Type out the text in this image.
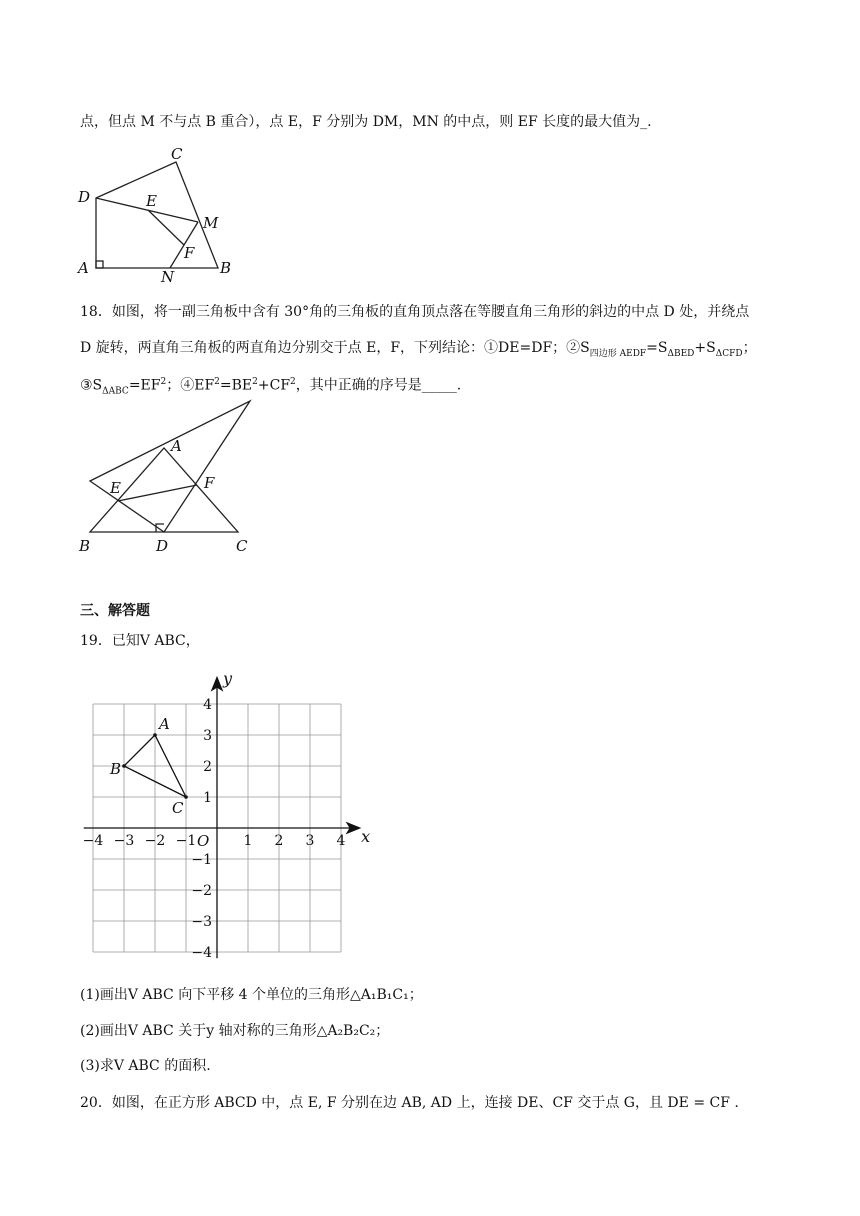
点，但点 M 不与点 B 重合），点 E，F 分别为 DM，MN 的中点，则 EF 长度的最大值为_.
C
D	E
M
F
A	N	B
18．如图，将一副三角板中含有 30°角的三角板的直角顶点落在等腰直角三角形的斜边的中点 D 处，并绕点
D 旋转，两直角三角板的两直角边分别交于点 E，F，下列结论：①DE=DF；$②S_{四边形 AEDF}=S_{\Delta BED}+S_{\Delta CFD}$；
$③S_{\Delta ABC}=EF^2$；$④EF^2=BE^2+CF^2$，其中正确的序号是_____.
A
E	F
B	D	C
三、解答题
19．已知V ABC，
−4 −3 −2 −1	1 2 3 4
4
3
2
1
−1
−2
−3
−4
A
B
C
x
y
O
(1)画出V ABC 向下平移 4 个单位的三角形△A₁B₁C₁；
(2)画出V ABC 关于y 轴对称的三角形△A₂B₂C₂；
(3)求V ABC 的面积.
20．如图，在正方形 ABCD 中，点 E, F 分别在边 AB, AD 上，连接 DE、CF 交于点 G，且 DE = CF .
